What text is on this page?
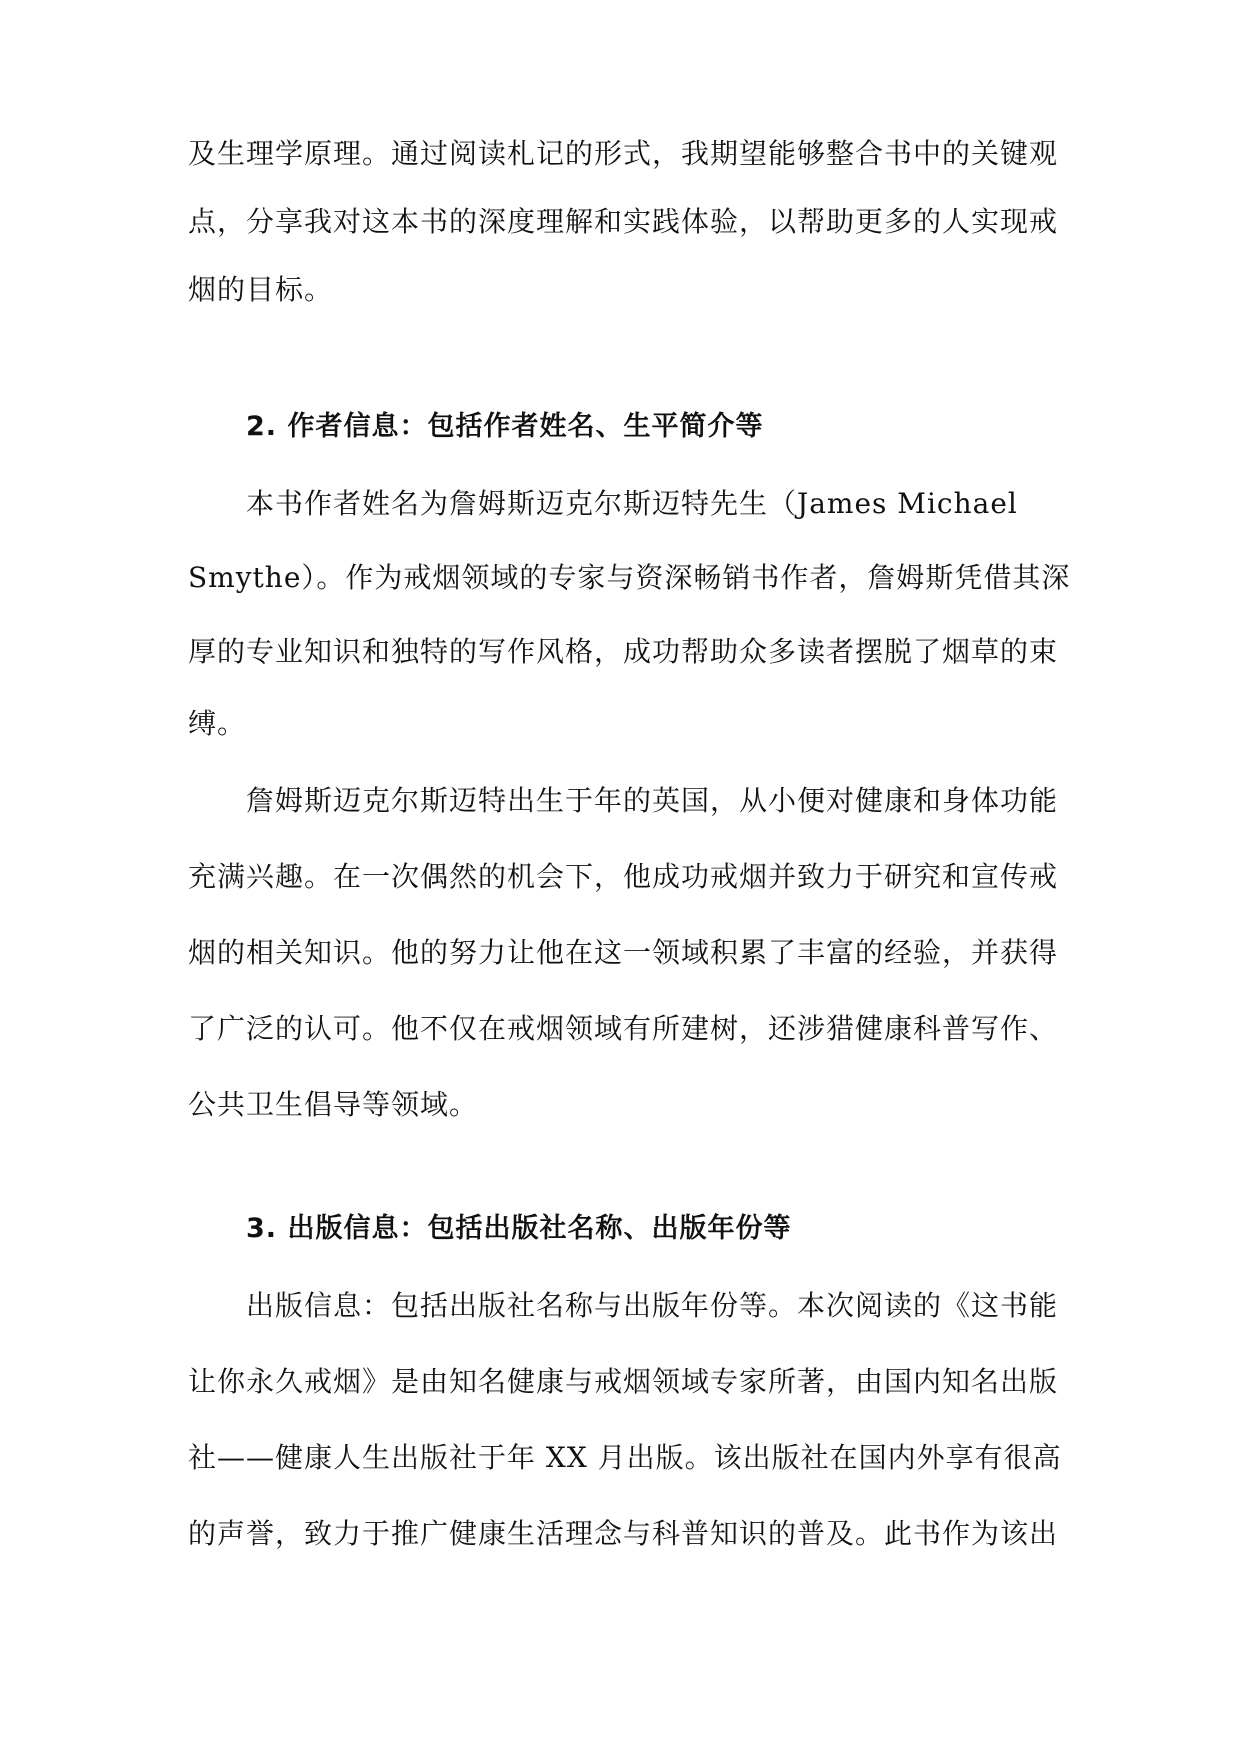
及生理学原理。通过阅读札记的形式，我期望能够整合书中的关键观
点，分享我对这本书的深度理解和实践体验，以帮助更多的人实现戒
烟的目标。
2. 作者信息：包括作者姓名、生平简介等
本书作者姓名为詹姆斯迈克尔斯迈特先生（James Michael
Smythe）。作为戒烟领域的专家与资深畅销书作者，詹姆斯凭借其深
厚的专业知识和独特的写作风格，成功帮助众多读者摆脱了烟草的束
缚。
詹姆斯迈克尔斯迈特出生于年的英国，从小便对健康和身体功能
充满兴趣。在一次偶然的机会下，他成功戒烟并致力于研究和宣传戒
烟的相关知识。他的努力让他在这一领域积累了丰富的经验，并获得
了广泛的认可。他不仅在戒烟领域有所建树，还涉猎健康科普写作、
公共卫生倡导等领域。
3. 出版信息：包括出版社名称、出版年份等
出版信息：包括出版社名称与出版年份等。本次阅读的《这书能
让你永久戒烟》是由知名健康与戒烟领域专家所著，由国内知名出版
社——健康人生出版社于年 XX 月出版。该出版社在国内外享有很高
的声誉，致力于推广健康生活理念与科普知识的普及。此书作为该出
